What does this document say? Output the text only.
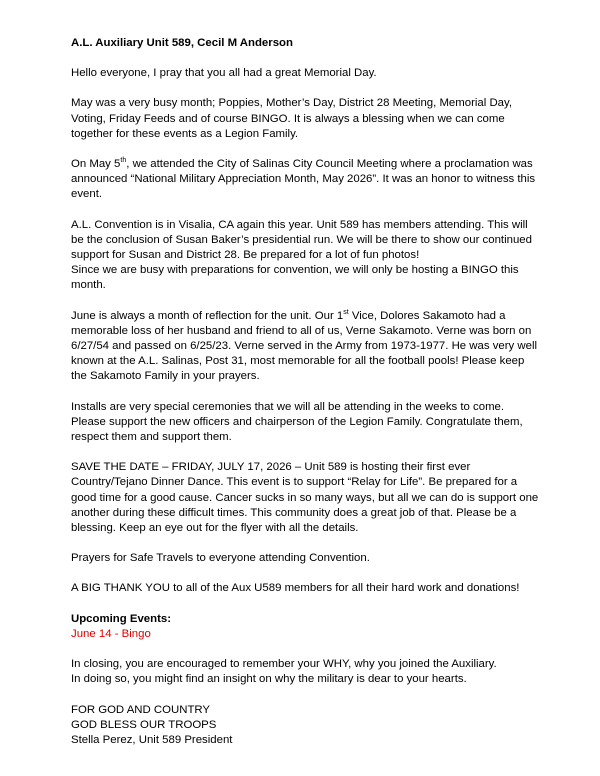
A.L. Auxiliary Unit 589, Cecil M Anderson

Hello everyone, I pray that you all had a great Memorial Day.

May was a very busy month; Poppies, Mother’s Day, District 28 Meeting, Memorial Day, Voting, Friday Feeds and of course BINGO. It is always a blessing when we can come together for these events as a Legion Family.

On May 5th, we attended the City of Salinas City Council Meeting where a proclamation was announced “National Military Appreciation Month, May 2026”. It was an honor to witness this event.

A.L. Convention is in Visalia, CA again this year. Unit 589 has members attending. This will be the conclusion of Susan Baker’s presidential run. We will be there to show our continued support for Susan and District 28. Be prepared for a lot of fun photos!
Since we are busy with preparations for convention, we will only be hosting a BINGO this month.

June is always a month of reflection for the unit. Our 1st Vice, Dolores Sakamoto had a memorable loss of her husband and friend to all of us, Verne Sakamoto. Verne was born on 6/27/54 and passed on 6/25/23. Verne served in the Army from 1973-1977. He was very well known at the A.L. Salinas, Post 31, most memorable for all the football pools! Please keep the Sakamoto Family in your prayers.

Installs are very special ceremonies that we will all be attending in the weeks to come. Please support the new officers and chairperson of the Legion Family. Congratulate them, respect them and support them.

SAVE THE DATE – FRIDAY, JULY 17, 2026 – Unit 589 is hosting their first ever Country/Tejano Dinner Dance. This event is to support “Relay for Life”. Be prepared for a good time for a good cause. Cancer sucks in so many ways, but all we can do is support one another during these difficult times. This community does a great job of that. Please be a blessing. Keep an eye out for the flyer with all the details.

Prayers for Safe Travels to everyone attending Convention.

A BIG THANK YOU to all of the Aux U589 members for all their hard work and donations!

Upcoming Events:
June 14 - Bingo

In closing, you are encouraged to remember your WHY, why you joined the Auxiliary.
In doing so, you might find an insight on why the military is dear to your hearts.

FOR GOD AND COUNTRY
GOD BLESS OUR TROOPS
Stella Perez, Unit 589 President
